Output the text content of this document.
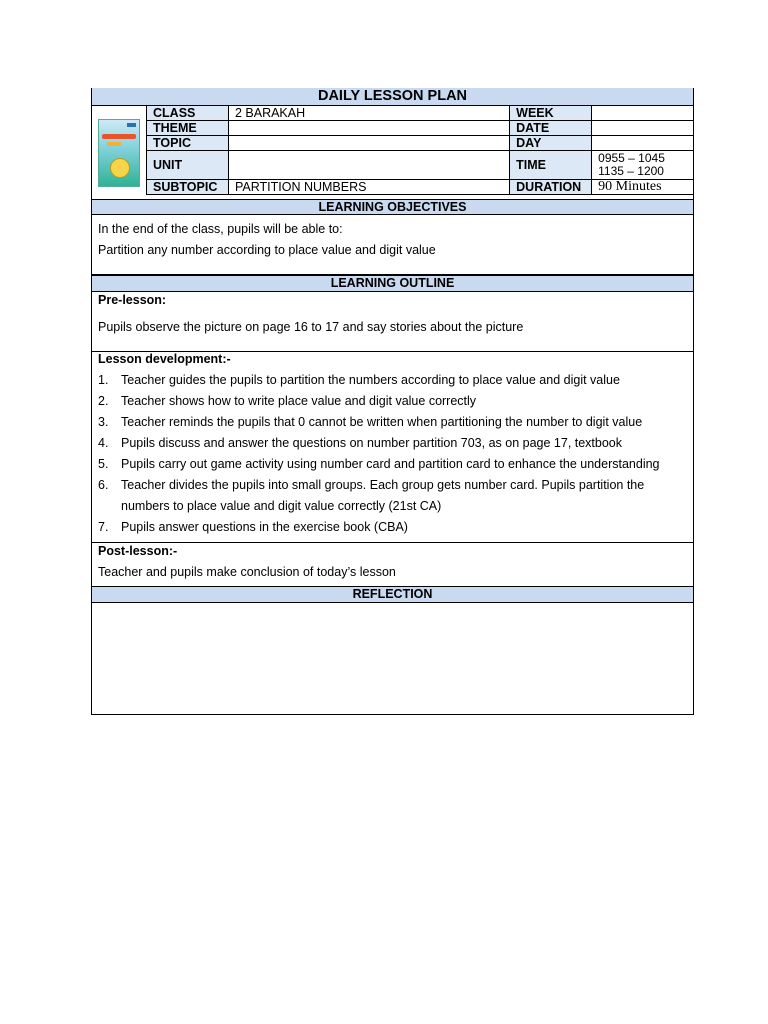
DAILY LESSON PLAN
CLASS	2 BARAKAH	WEEK	
THEME		DATE	
TOPIC		DAY	
UNIT		TIME	0955 – 1045
1135 – 1200

SUBTOPIC	PARTITION NUMBERS	DURATION	90 Minutes
LEARNING OBJECTIVES
In the end of the class, pupils will be able to:
Partition any number according to place value and digit value
LEARNING OUTLINE
Pre-lesson:
Pupils observe the picture on page 16 to 17 and say stories about the picture
Lesson development:-
1. Teacher guides the pupils to partition the numbers according to place value and digit value
2. Teacher shows how to write place value and digit value correctly
3. Teacher reminds the pupils that 0 cannot be written when partitioning the number to digit value
4. Pupils discuss and answer the questions on number partition 703, as on page 17, textbook
5. Pupils carry out game activity using number card and partition card to enhance the understanding
6. Teacher divides the pupils into small groups. Each group gets number card. Pupils partition the
numbers to place value and digit value correctly (21st CA)
7. Pupils answer questions in the exercise book (CBA)
Post-lesson:-
Teacher and pupils make conclusion of today’s lesson
REFLECTION
